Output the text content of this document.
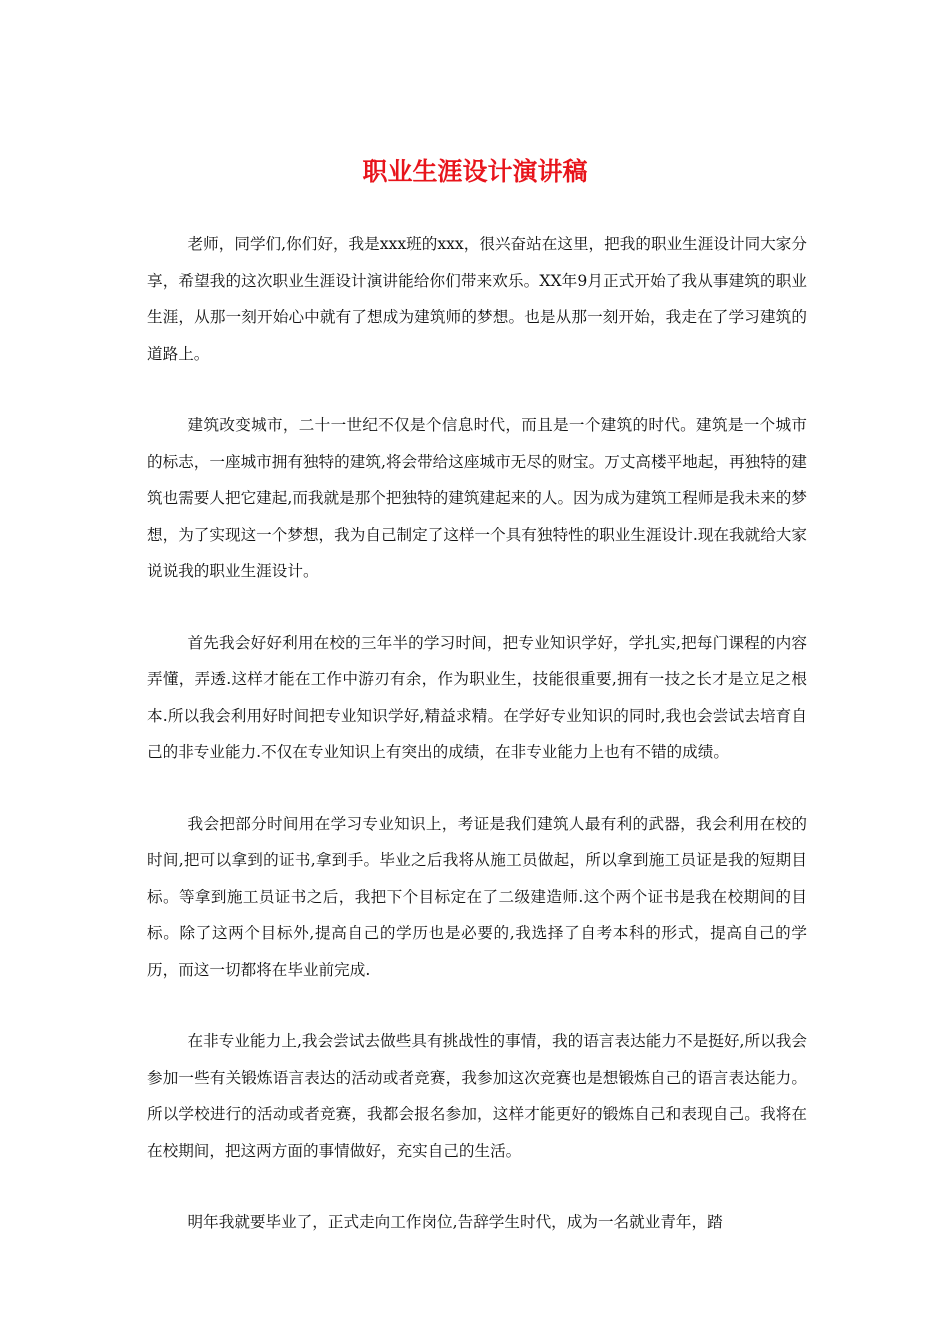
职业生涯设计演讲稿

老师，同学们,你们好，我是xxx班的xxx，很兴奋站在这里，把我的职业生涯设计同大家分享，希望我的这次职业生涯设计演讲能给你们带来欢乐。XX年9月正式开始了我从事建筑的职业生涯，从那一刻开始心中就有了想成为建筑师的梦想。也是从那一刻开始，我走在了学习建筑的道路上。

建筑改变城市，二十一世纪不仅是个信息时代，而且是一个建筑的时代。建筑是一个城市的标志，一座城市拥有独特的建筑,将会带给这座城市无尽的财宝。万丈高楼平地起，再独特的建筑也需要人把它建起,而我就是那个把独特的建筑建起来的人。因为成为建筑工程师是我未来的梦想，为了实现这一个梦想，我为自己制定了这样一个具有独特性的职业生涯设计.现在我就给大家说说我的职业生涯设计。

首先我会好好利用在校的三年半的学习时间，把专业知识学好，学扎实,把每门课程的内容弄懂，弄透.这样才能在工作中游刃有余，作为职业生，技能很重要,拥有一技之长才是立足之根本.所以我会利用好时间把专业知识学好,精益求精。在学好专业知识的同时,我也会尝试去培育自己的非专业能力.不仅在专业知识上有突出的成绩，在非专业能力上也有不错的成绩。

我会把部分时间用在学习专业知识上，考证是我们建筑人最有利的武器，我会利用在校的时间,把可以拿到的证书,拿到手。毕业之后我将从施工员做起，所以拿到施工员证是我的短期目标。等拿到施工员证书之后，我把下个目标定在了二级建造师.这个两个证书是我在校期间的目标。除了这两个目标外,提高自己的学历也是必要的,我选择了自考本科的形式，提高自己的学历，而这一切都将在毕业前完成.

在非专业能力上,我会尝试去做些具有挑战性的事情，我的语言表达能力不是挺好,所以我会参加一些有关锻炼语言表达的活动或者竞赛，我参加这次竞赛也是想锻炼自己的语言表达能力。所以学校进行的活动或者竞赛，我都会报名参加，这样才能更好的锻炼自己和表现自己。我将在在校期间，把这两方面的事情做好，充实自己的生活。

明年我就要毕业了，正式走向工作岗位,告辞学生时代，成为一名就业青年，踏
